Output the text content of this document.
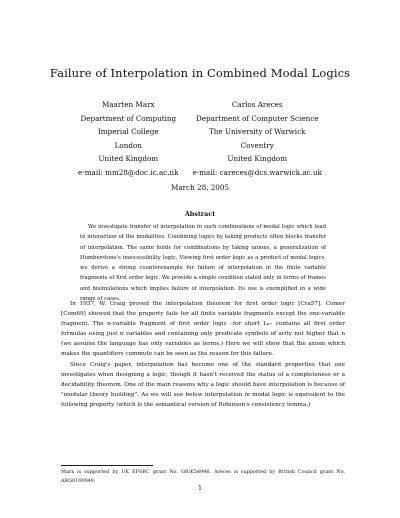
Failure of Interpolation in Combined Modal Logics
Maarten Marx
Department of Computing
Imperial College
London
United Kingdom
e-mail: mm28@doc.ic.ac.uk
Carlos Areces
Department of Computer Science
The University of Warwick
Coventry
United Kingdom
e-mail: careces@dcs.warwick.ac.uk
March 28, 2005
Abstract
We investigate transfer of interpolation in such combinations of modal logic which lead to interaction of the modalities. Combining logics by taking products often blocks transfer of interpolation. The same holds for combinations by taking unions, a generalization of Humberstone's inaccessibility logic. Viewing first order logic as a product of modal logics, we derive a strong counterexample for failure of interpolation in the finite variable fragments of first order logic. We provide a simple condition stated only in terms of frames and bisimulations which implies failure of interpolation. Its use is exemplified in a wide range of cases.

In 1957, W. Craig proved the interpolation theorem for first order logic [Cra57]. Comer [Com69] showed that the property fails for all finite variable fragments except the one-variable fragment. The n-variable fragment of first order logic –for short Lₙ– contains all first order formulas using just n variables and containing only predicate symbols of arity not higher that n (we assume the language has only variables as terms.) Here we will show that the axiom which makes the quantifiers commute can be seen as the reason for this failure.

Since Craig's paper, interpolation has become one of the standard properties that one investigates when designing a logic, though it hasn't received the status of a completeness or a decidability theorem. One of the main reasons why a logic should have interpolation is because of "modular theory building". As we will see below interpolation in modal logic is equivalent to the following property (which is the semantical version of Robinson's consistency lemma.)

Marx is supported by UK EPSRC grant No. GR/K54946. Areces is supported by British Council grant No. ARG0100049.
1
